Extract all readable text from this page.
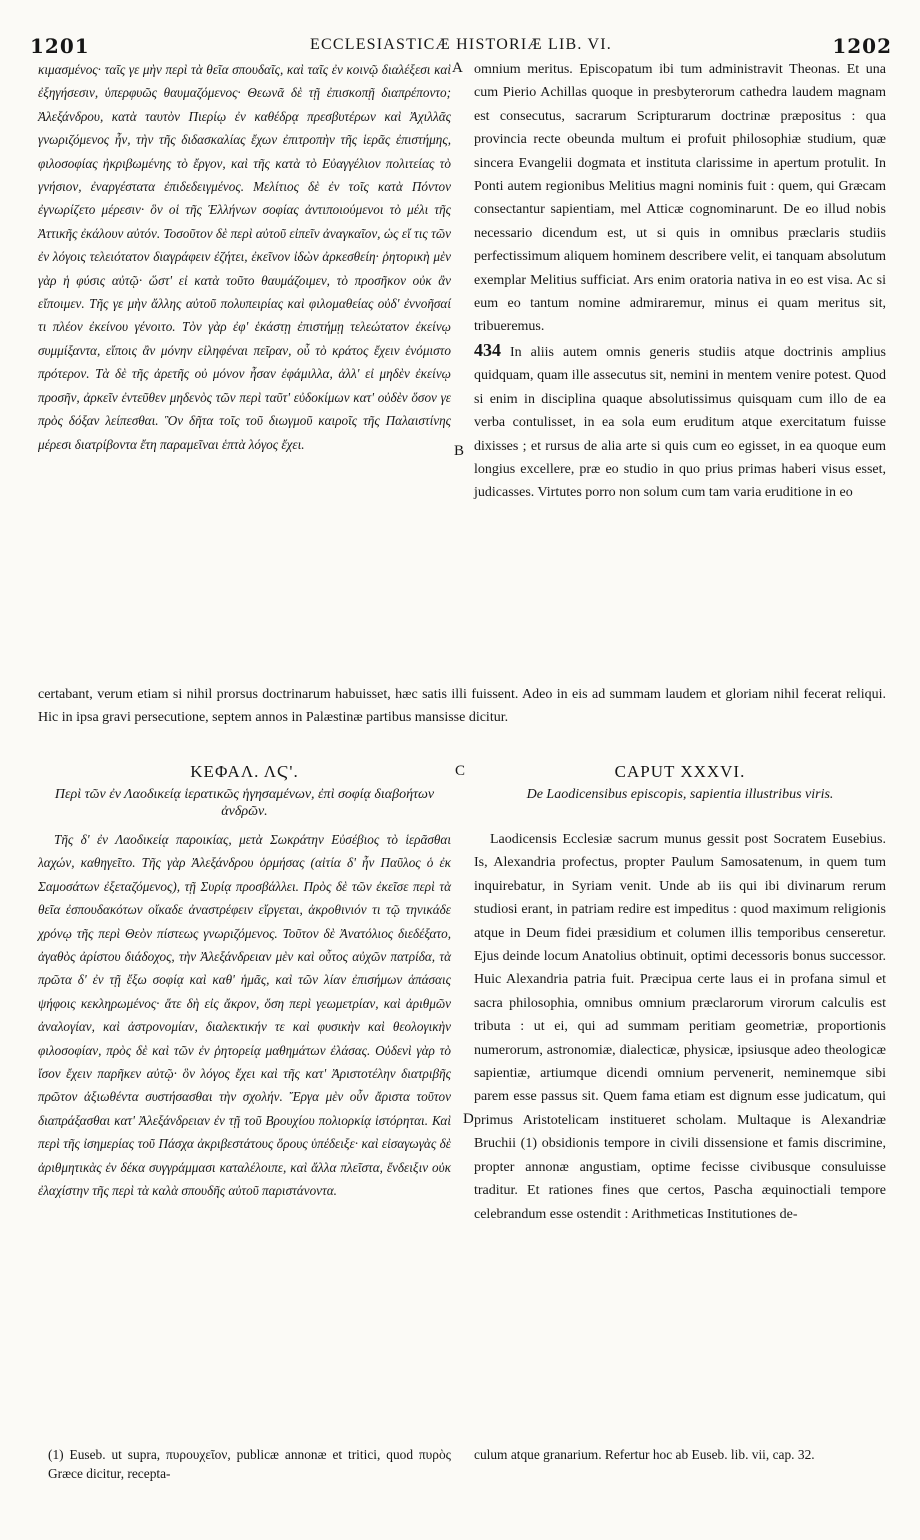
1201	ECCLESIASTICÆ HISTORIÆ LIB. VI.	1202
A
B
C
D

κιμασμένος· ταῖς γε μὴν περὶ τὰ θεῖα σπουδαῖς, καὶ ταῖς ἐν κοινῷ διαλέξεσι καὶ ἐξηγήσεσιν, ὑπερφυῶς θαυμαζόμενος· Θεωνᾶ δὲ τῇ ἐπισκοπῇ διαπρέποντο; Ἀλεξάνδρου, κατὰ ταυτὸν Πιερίῳ ἐν καθέδρᾳ πρεσβυτέρων καὶ Ἀχιλλᾶς γνωριζόμενος ἦν, τὴν τῆς διδασκαλίας ἔχων ἐπιτροπὴν τῆς ἱερᾶς ἐπιστήμης, φιλοσοφίας ἠκριβωμένης τὸ ἔργον, καὶ τῆς κατὰ τὸ Εὐαγγέλιον πολιτείας τὸ γνήσιον, ἐναργέστατα ἐπιδεδειγμένος. Μελίτιος δὲ ἐν τοῖς κατὰ Πόντον ἐγνωρίζετο μέρεσιν· ὃν οἱ τῆς Ἑλλήνων σοφίας ἀντιποιούμενοι τὸ μέλι τῆς Ἀττικῆς ἐκάλουν αὐτόν. Τοσοῦτον δὲ περὶ αὐτοῦ εἰπεῖν ἀναγκαῖον, ὡς εἴ τις τῶν ἐν λόγοις τελειότατον διαγράφειν ἐζήτει, ἐκεῖνον ἰδὼν ἀρκεσθείη· ῥητορικὴ μὲν γὰρ ἡ φύσις αὐτῷ· ὥστ' εἰ κατὰ τοῦτο θαυμάζοιμεν, τὸ προσῆκον οὐκ ἂν εἴποιμεν. Τῆς γε μὴν ἄλλης αὐτοῦ πολυπειρίας καὶ φιλομαθείας οὐδ' ἐννοῆσαί τι πλέον ἐκείνου γένοιτο. Τὸν γὰρ ἐφ' ἑκάστῃ ἐπιστήμῃ τελεώτατον ἐκείνῳ συμμίξαντα, εἴποις ἂν μόνην εἰληφέναι πεῖραν, οὗ τὸ κράτος ἔχειν ἐνόμιστο πρότερον. Τὰ δὲ τῆς ἀρετῆς οὐ μόνον ἦσαν ἐφάμιλλα, ἀλλ' εἰ μηδὲν ἐκείνῳ προσῆν, ἀρκεῖν ἐντεῦθεν μηδενὸς τῶν περὶ ταῦτ' εὐδοκίμων κατ' οὐδὲν ὅσον γε πρὸς δόξαν λείπεσθαι. Ὃν δῆτα τοῖς τοῦ διωγμοῦ καιροῖς τῆς Παλαιστίνης μέρεσι διατρίβοντα ἔτη παραμεῖναι ἑπτὰ λόγος ἔχει.

omnium meritus. Episcopatum ibi tum administravit Theonas. Et una cum Pierio Achillas quoque in presbyterorum cathedra laudem magnam est consecutus, sacrarum Scripturarum doctrinæ præpositus : qua provincia recte obeunda multum ei profuit philosophiæ studium, quæ sincera Evangelii dogmata et instituta clarissime in apertum protulit. In Ponti autem regionibus Melitius magni nominis fuit : quem, qui Græcam consectantur sapientiam, mel Atticæ cognominarunt. De eo illud nobis necessario dicendum est, ut si quis in omnibus præclaris studiis perfectissimum aliquem hominem describere velit, ei tanquam absolutum exemplar Melitius sufficiat. Ars enim oratoria nativa in eo est visa. Ac si eum eo tantum nomine admiraremur, minus ei quam meritus sit, tribueremus.
434 In aliis autem omnis generis studiis atque doctrinis amplius quidquam, quam ille assecutus sit, nemini in mentem venire potest. Quod si enim in disciplina quaque absolutissimus quisquam cum illo de ea verba contulisset, in ea sola eum eruditum atque exercitatum fuisse dixisses ; et rursus de alia arte si quis cum eo egisset, in ea quoque eum longius excellere, præ eo studio in quo prius primas haberi visus esset, judicasses. Virtutes porro non solum cum tam varia eruditione in eo

certabant, verum etiam si nihil prorsus doctrinarum habuisset, hæc satis illi fuissent. Adeo in eis ad summam laudem et gloriam nihil fecerat reliqui. Hic in ipsa gravi persecutione, septem annos in Palæstinæ partibus mansisse dicitur.
ΚΕΦΑΛ. ΛϚ'.
Περὶ τῶν ἐν Λαοδικείᾳ ἱερατικῶς ἡγησαμένων, ἐπὶ σοφίᾳ διαβοήτων ἀνδρῶν.
CAPUT XXXVI.
De Laodicensibus episcopis, sapientia illustribus viris.

Τῆς δ' ἐν Λαοδικείᾳ παροικίας, μετὰ Σωκράτην Εὐσέβιος τὸ ἱερᾶσθαι λαχών, καθηγεῖτο. Τῆς γὰρ Ἀλεξάνδρου ὁρμήσας (αἰτία δ' ἦν Παῦλος ὁ ἐκ Σαμοσάτων ἐξεταζόμενος), τῇ Συρίᾳ προσβάλλει. Πρὸς δὲ τῶν ἐκεῖσε περὶ τὰ θεῖα ἐσπουδακότων οἴκαδε ἀναστρέφειν εἴργεται, ἀκροθινιόν τι τῷ τηνικάδε χρόνῳ τῆς περὶ Θεὸν πίστεως γνωριζόμενος. Τοῦτον δὲ Ἀνατόλιος διεδέξατο, ἀγαθὸς ἀρίστου διάδοχος, τὴν Ἀλεξάνδρειαν μὲν καὶ οὗτος αὐχῶν πατρίδα, τὰ πρῶτα δ' ἐν τῇ ἔξω σοφίᾳ καὶ καθ' ἡμᾶς, καὶ τῶν λίαν ἐπισήμων ἁπάσαις ψήφοις κεκληρωμένος· ἅτε δὴ εἰς ἄκρον, ὅση περὶ γεωμετρίαν, καὶ ἀριθμῶν ἀναλογίαν, καὶ ἀστρονομίαν, διαλεκτικήν τε καὶ φυσικὴν καὶ θεολογικὴν φιλοσοφίαν, πρὸς δὲ καὶ τῶν ἐν ῥητορείᾳ μαθημάτων ἐλάσας. Οὐδενὶ γὰρ τὸ ἴσον ἔχειν παρῆκεν αὐτῷ· ὃν λόγος ἔχει καὶ τῆς κατ' Ἀριστοτέλην διατριβῆς πρῶτον ἀξιωθέντα συστήσασθαι τὴν σχολήν. Ἔργα μὲν οὖν ἄριστα τοῦτον διαπράξασθαι κατ' Ἀλεξάνδρειαν ἐν τῇ τοῦ Βρουχίου πολιορκίᾳ ἱστόρηται. Καὶ περὶ τῆς ἰσημερίας τοῦ Πάσχα ἀκριβεστάτους ὅρους ὑπέδειξε· καὶ εἰσαγωγὰς δὲ ἀριθμητικὰς ἐν δέκα συγγράμμασι καταλέλοιπε, καὶ ἄλλα πλεῖστα, ἔνδειξιν οὐκ ἐλαχίστην τῆς περὶ τὰ καλὰ σπουδῆς αὐτοῦ παριστάνοντα.

Laodicensis Ecclesiæ sacrum munus gessit post Socratem Eusebius. Is, Alexandria profectus, propter Paulum Samosatenum, in quem tum inquirebatur, in Syriam venit. Unde ab iis qui ibi divinarum rerum studiosi erant, in patriam redire est impeditus : quod maximum religionis atque in Deum fidei præsidium et columen illis temporibus censeretur. Ejus deinde locum Anatolius obtinuit, optimi decessoris bonus successor. Huic Alexandria patria fuit. Præcipua certe laus ei in profana simul et sacra philosophia, omnibus omnium præclarorum virorum calculis est tributa : ut ei, qui ad summam peritiam geometriæ, proportionis numerorum, astronomiæ, dialecticæ, physicæ, ipsiusque adeo theologicæ sapientiæ, artiumque dicendi omnium pervenerit, neminemque sibi parem esse passus sit. Quem fama etiam est dignum esse judicatum, qui primus Aristotelicam institueret scholam. Multaque is Alexandriæ Bruchii (1) obsidionis tempore in civili dissensione et famis discrimine, propter annonæ angustiam, optime fecisse civibusque consuluisse traditur. Et rationes fines que certos, Pascha æquinoctiali tempore celebrandum esse ostendit : Arithmeticas Institutiones de-

(1) Euseb. ut supra, πυρουχεῖον, publicæ annonæ et tritici, quod πυρὸς Græce dicitur, recepta-
culum atque granarium. Refertur hoc ab Euseb. lib. vii, cap. 32.
